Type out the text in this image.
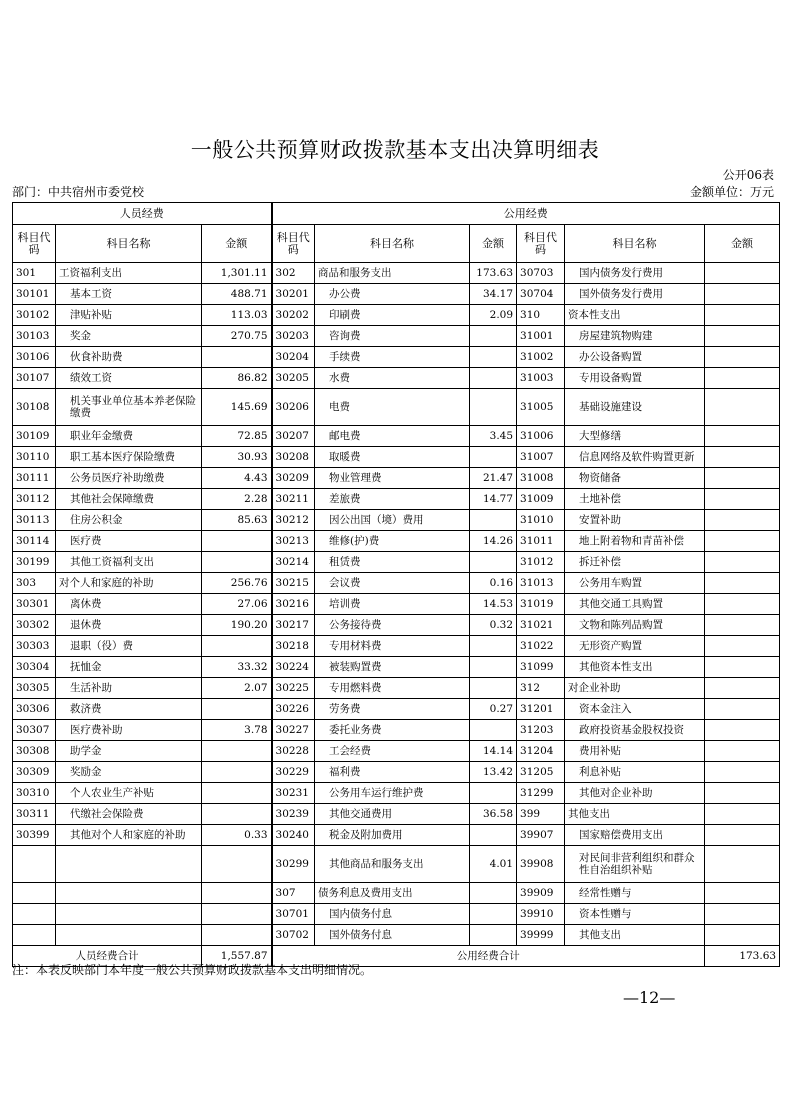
一般公共预算财政拨款基本支出决算明细表
公开06表
部门：中共宿州市委党校	金额单位：万元
人员经费			公用经费					
科目代码	科目名称	金额	科目代码	科目名称	金额	科目代码	科目名称	金额
301	工资福利支出	1,301.11	302	商品和服务支出	173.63	30703	国内债务发行费用	
30101	基本工资	488.71	30201	办公费	34.17	30704	国外债务发行费用	
30102	津贴补贴	113.03	30202	印刷费	2.09	310	资本性支出	
30103	奖金	270.75	30203	咨询费		31001	房屋建筑物购建	
30106	伙食补助费		30204	手续费		31002	办公设备购置	
30107	绩效工资	86.82	30205	水费		31003	专用设备购置	
30108	机关事业单位基本养老保险缴费	145.69	30206	电费		31005	基础设施建设	
30109	职业年金缴费	72.85	30207	邮电费	3.45	31006	大型修缮	
30110	职工基本医疗保险缴费	30.93	30208	取暖费		31007	信息网络及软件购置更新	
30111	公务员医疗补助缴费	4.43	30209	物业管理费	21.47	31008	物资储备	
30112	其他社会保障缴费	2.28	30211	差旅费	14.77	31009	土地补偿	
30113	住房公积金	85.63	30212	因公出国（境）费用		31010	安置补助	
30114	医疗费		30213	维修(护)费	14.26	31011	地上附着物和青苗补偿	
30199	其他工资福利支出		30214	租赁费		31012	拆迁补偿	
303	对个人和家庭的补助	256.76	30215	会议费	0.16	31013	公务用车购置	
30301	离休费	27.06	30216	培训费	14.53	31019	其他交通工具购置	
30302	退休费	190.20	30217	公务接待费	0.32	31021	文物和陈列品购置	
30303	退职（役）费		30218	专用材料费		31022	无形资产购置	
30304	抚恤金	33.32	30224	被装购置费		31099	其他资本性支出	
30305	生活补助	2.07	30225	专用燃料费		312	对企业补助	
30306	救济费		30226	劳务费	0.27	31201	资本金注入	
30307	医疗费补助	3.78	30227	委托业务费		31203	政府投资基金股权投资	
30308	助学金		30228	工会经费	14.14	31204	费用补贴	
30309	奖励金		30229	福利费	13.42	31205	利息补贴	
30310	个人农业生产补贴		30231	公务用车运行维护费		31299	其他对企业补助	
30311	代缴社会保险费		30239	其他交通费用	36.58	399	其他支出	
30399	其他对个人和家庭的补助	0.33	30240	税金及附加费用		39907	国家赔偿费用支出	
			30299	其他商品和服务支出	4.01	39908	对民间非营利组织和群众性自治组织补贴	
			307	债务利息及费用支出		39909	经常性赠与	
			30701	国内债务付息		39910	资本性赠与	
			30702	国外债务付息		39999	其他支出	
人员经费合计		1,557.87	公用经费合计					173.63
注：本表反映部门本年度一般公共预算财政拨款基本支出明细情况。
—12—
